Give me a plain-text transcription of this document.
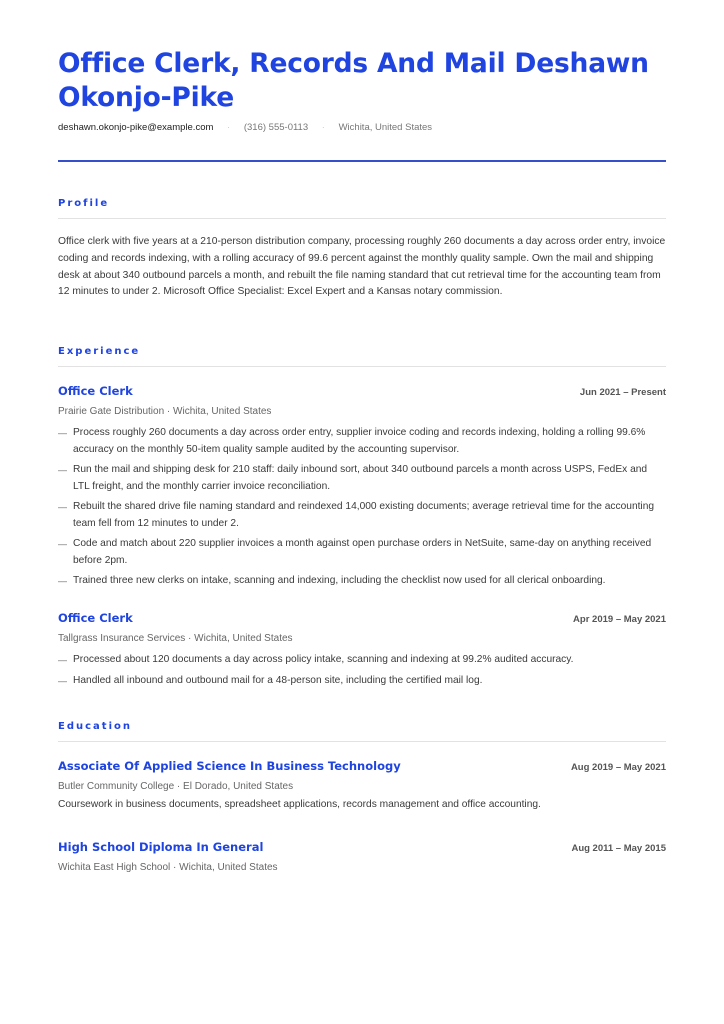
Office Clerk, Records And Mail Deshawn Okonjo-Pike
deshawn.okonjo-pike@example.com · (316) 555-0113 · Wichita, United States
Profile

Office clerk with five years at a 210-person distribution company, processing roughly 260 documents a day across order entry, invoice coding and records indexing, with a rolling accuracy of 99.6 percent against the monthly quality sample. Own the mail and shipping desk at about 340 outbound parcels a month, and rebuilt the file naming standard that cut retrieval time for the accounting team from 12 minutes to under 2. Microsoft Office Specialist: Excel Expert and a Kansas notary commission.

Experience
Office Clerk	Jun 2021 – Present
Prairie Gate Distribution · Wichita, United States
— Process roughly 260 documents a day across order entry, supplier invoice coding and records indexing, holding a rolling 99.6% accuracy on the monthly 50-item quality sample audited by the accounting supervisor.
— Run the mail and shipping desk for 210 staff: daily inbound sort, about 340 outbound parcels a month across USPS, FedEx and LTL freight, and the monthly carrier invoice reconciliation.
— Rebuilt the shared drive file naming standard and reindexed 14,000 existing documents; average retrieval time for the accounting team fell from 12 minutes to under 2.
— Code and match about 220 supplier invoices a month against open purchase orders in NetSuite, same-day on anything received before 2pm.
— Trained three new clerks on intake, scanning and indexing, including the checklist now used for all clerical onboarding.
Office Clerk	Apr 2019 – May 2021
Tallgrass Insurance Services · Wichita, United States
— Processed about 120 documents a day across policy intake, scanning and indexing at 99.2% audited accuracy.
— Handled all inbound and outbound mail for a 48-person site, including the certified mail log.
Education
Associate Of Applied Science In Business Technology	Aug 2019 – May 2021
Butler Community College · El Dorado, United States
Coursework in business documents, spreadsheet applications, records management and office accounting.
High School Diploma In General	Aug 2011 – May 2015
Wichita East High School · Wichita, United States
